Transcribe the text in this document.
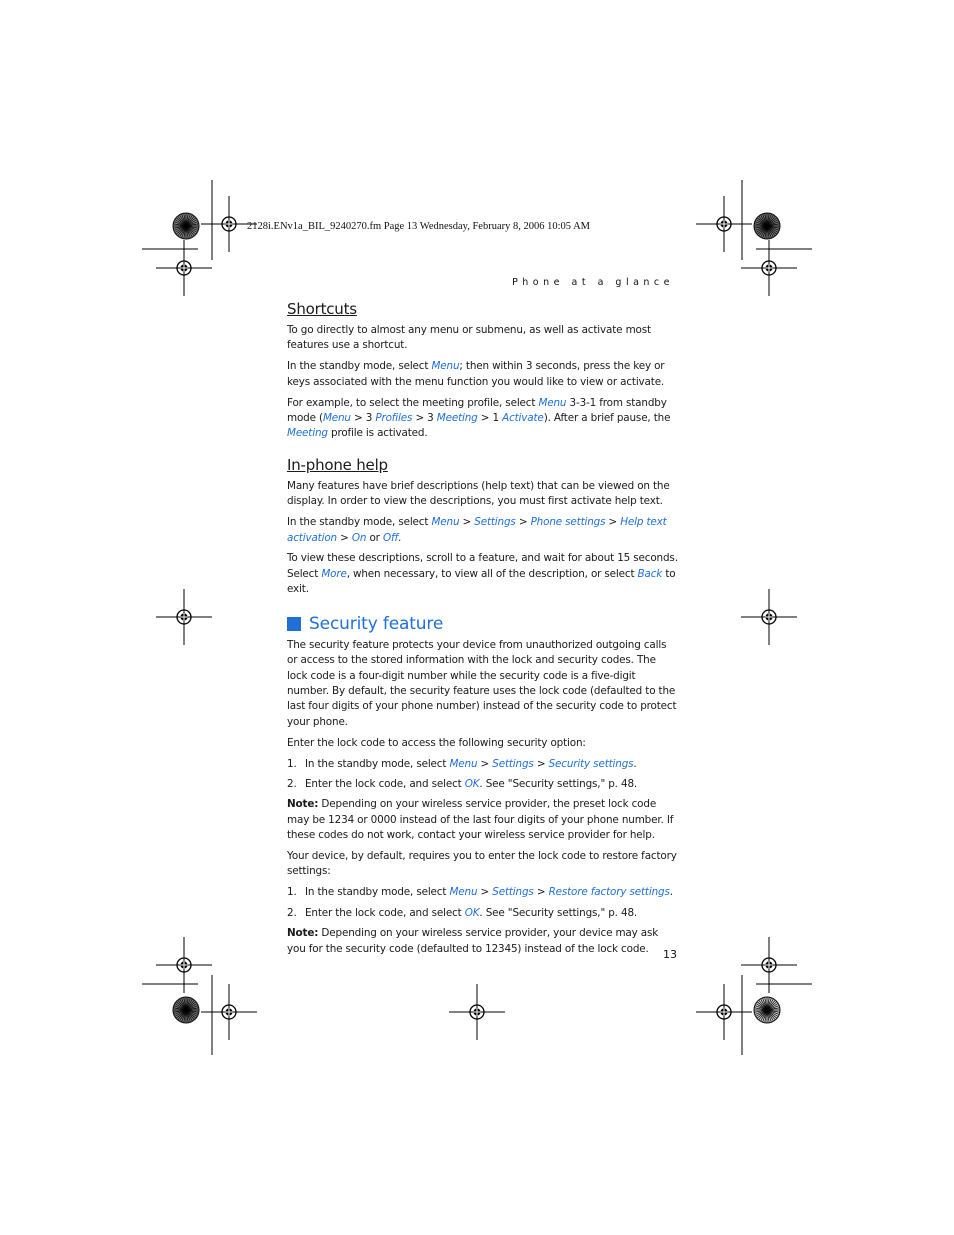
2128i.ENv1a_BIL_9240270.fm Page 13 Wednesday, February 8, 2006 10:05 AM
Phone at a glance
Shortcuts

To go directly to almost any menu or submenu, as well as activate most features use a shortcut.

In the standby mode, select Menu; then within 3 seconds, press the key or keys associated with the menu function you would like to view or activate.

For example, to select the meeting profile, select Menu 3-3-1 from standby mode (Menu > 3 Profiles > 3 Meeting > 1 Activate). After a brief pause, the Meeting profile is activated.

In-phone help

Many features have brief descriptions (help text) that can be viewed on the display. In order to view the descriptions, you must first activate help text.

In the standby mode, select Menu > Settings > Phone settings > Help text activation > On or Off.

To view these descriptions, scroll to a feature, and wait for about 15 seconds. Select More, when necessary, to view all of the description, or select Back to exit.

Security feature

The security feature protects your device from unauthorized outgoing calls or access to the stored information with the lock and security codes. The lock code is a four-digit number while the security code is a five-digit number. By default, the security feature uses the lock code (defaulted to the last four digits of your phone number) instead of the security code to protect your phone.

Enter the lock code to access the following security option:

1. In the standby mode, select Menu > Settings > Security settings.
2. Enter the lock code, and select OK. See "Security settings," p. 48.

Note: Depending on your wireless service provider, the preset lock code may be 1234 or 0000 instead of the last four digits of your phone number. If these codes do not work, contact your wireless service provider for help.

Your device, by default, requires you to enter the lock code to restore factory settings:

1. In the standby mode, select Menu > Settings > Restore factory settings.
2. Enter the lock code, and select OK. See "Security settings," p. 48.

Note: Depending on your wireless service provider, your device may ask you for the security code (defaulted to 12345) instead of the lock code.	13
